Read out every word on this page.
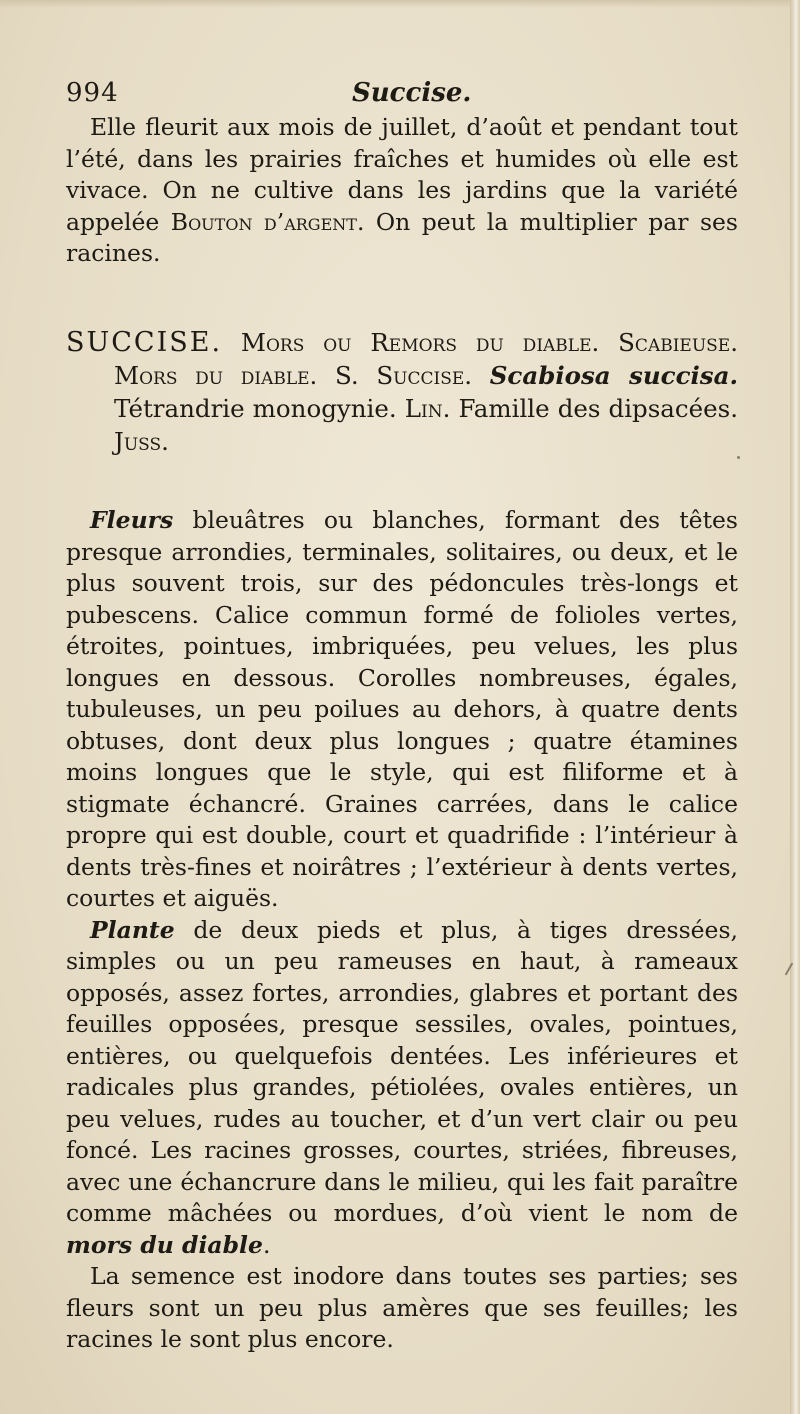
994	Succise.

Elle fleurit aux mois de juillet, d’août et pendant tout l’été, dans les prairies fraîches et humides où elle est vivace. On ne cultive dans les jardins que la variété appelée Bouton d’argent. On peut la multiplier par ses racines.

SUCCISE. Mors ou Remors du diable. Scabieuse. Mors du diable. S. Succise. Scabiosa succisa. Tétrandrie monogynie. Lin. Famille des dipsacées. Juss.

Fleurs bleuâtres ou blanches, formant des têtes presque arrondies, terminales, solitaires, ou deux, et le plus souvent trois, sur des pédoncules très-longs et pubescens. Calice commun formé de folioles vertes, étroites, pointues, imbriquées, peu velues, les plus longues en dessous. Corolles nombreuses, égales, tubuleuses, un peu poilues au dehors, à quatre dents obtuses, dont deux plus longues ; quatre étamines moins longues que le style, qui est filiforme et à stigmate échancré. Graines carrées, dans le calice propre qui est double, court et quadrifide : l’intérieur à dents très-fines et noirâtres ; l’extérieur à dents vertes, courtes et aiguës.

Plante de deux pieds et plus, à tiges dressées, simples ou un peu rameuses en haut, à rameaux opposés, assez fortes, arrondies, glabres et portant des feuilles opposées, presque sessiles, ovales, pointues, entières, ou quelquefois dentées. Les inférieures et radicales plus grandes, pétiolées, ovales entières, un peu velues, rudes au toucher, et d’un vert clair ou peu foncé. Les racines grosses, courtes, striées, fibreuses, avec une échancrure dans le milieu, qui les fait paraître comme mâchées ou mordues, d’où vient le nom de mors du diable.

La semence est inodore dans toutes ses parties; ses fleurs sont un peu plus amères que ses feuilles; les racines le sont plus encore.
